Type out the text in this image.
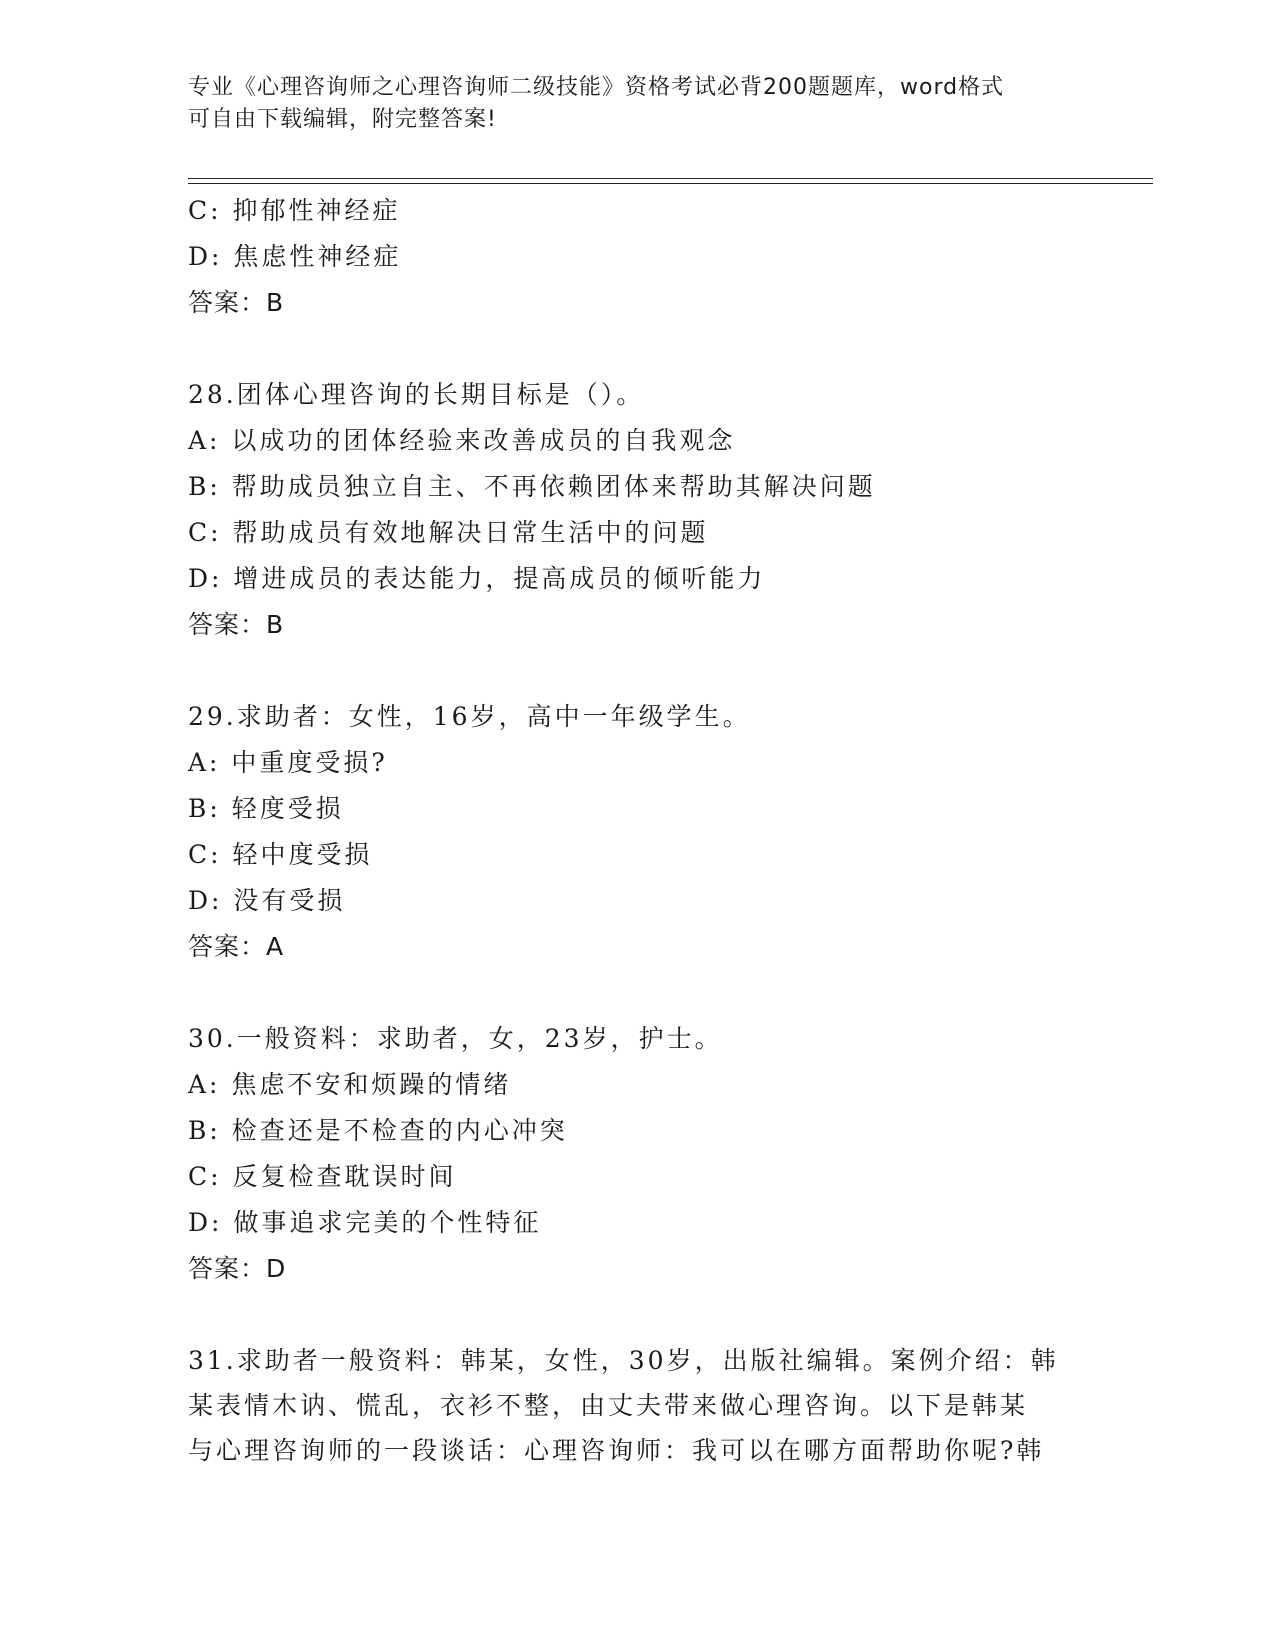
专业《心理咨询师之心理咨询师二级技能》资格考试必背200题题库，word格式
可自由下载编辑，附完整答案!
C: 抑郁性神经症
D: 焦虑性神经症
答案：B
28.团体心理咨询的长期目标是（）。
A: 以成功的团体经验来改善成员的自我观念
B: 帮助成员独立自主、不再依赖团体来帮助其解决问题
C: 帮助成员有效地解决日常生活中的问题
D: 增进成员的表达能力，提高成员的倾听能力
答案：B
29.求助者：女性，16岁，高中一年级学生。
A: 中重度受损?
B: 轻度受损
C: 轻中度受损
D: 没有受损
答案：A
30.一般资料：求助者，女，23岁，护士。
A: 焦虑不安和烦躁的情绪
B: 检查还是不检查的内心冲突
C: 反复检查耽误时间
D: 做事追求完美的个性特征
答案：D
31.求助者一般资料：韩某，女性，30岁，出版社编辑。案例介绍：韩
某表情木讷、慌乱，衣衫不整，由丈夫带来做心理咨询。以下是韩某
与心理咨询师的一段谈话：心理咨询师：我可以在哪方面帮助你呢?韩
